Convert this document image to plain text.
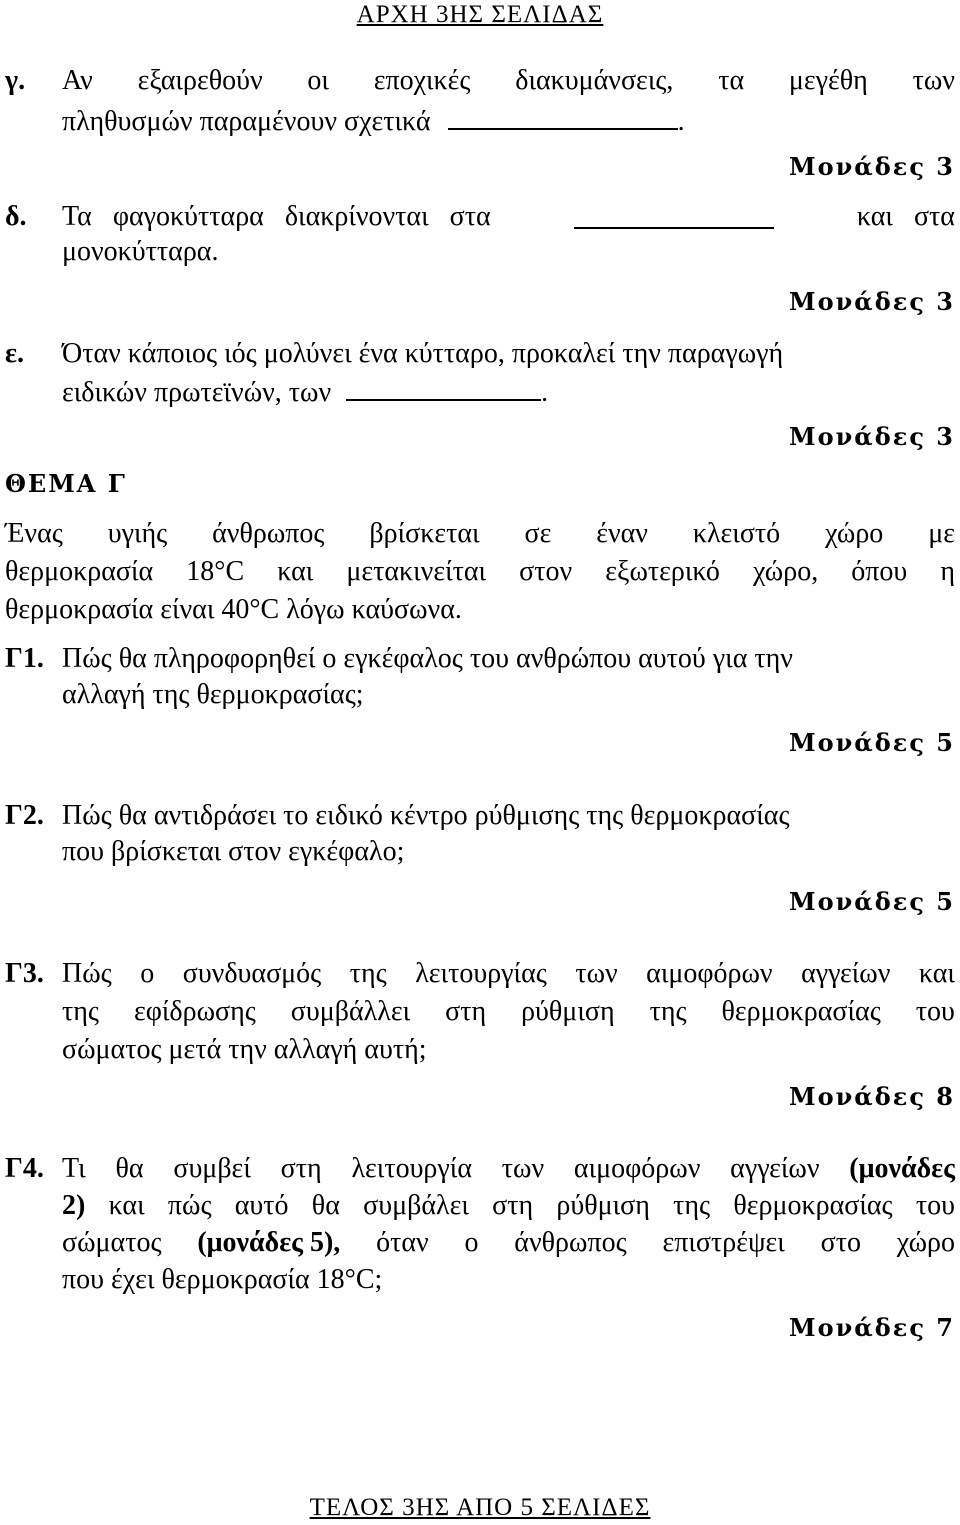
ΑΡΧΗ 3ΗΣ ΣΕΛΙΔΑΣ
γ. Αν εξαιρεθούν οι εποχικές διακυμάνσεις, τα μεγέθη των
πληθυσμών παραμένουν σχετικά	.
Μονάδες 3
δ. Τα φαγοκύτταρα διακρίνονται στα	και στα
μονοκύτταρα.
Μονάδες 3
ε. Όταν κάποιος ιός μολύνει ένα κύτταρο, προκαλεί την παραγωγή
ειδικών πρωτεϊνών, των	.
Μονάδες 3
ΘΕΜΑ Γ
Ένας υγιής άνθρωπος βρίσκεται σε έναν κλειστό χώρο με
θερμοκρασία 18°C και μετακινείται στον εξωτερικό χώρο, όπου η
θερμοκρασία είναι 40°C λόγω καύσωνα.
Γ1. Πώς θα πληροφορηθεί ο εγκέφαλος του ανθρώπου αυτού για την
αλλαγή της θερμοκρασίας;
Μονάδες 5
Γ2. Πώς θα αντιδράσει το ειδικό κέντρο ρύθμισης της θερμοκρασίας
που βρίσκεται στον εγκέφαλο;
Μονάδες 5
Γ3. Πώς ο συνδυασμός της λειτουργίας των αιμοφόρων αγγείων και
της εφίδρωσης συμβάλλει στη ρύθμιση της θερμοκρασίας του
σώματος μετά την αλλαγή αυτή;
Μονάδες 8
Γ4. Τι θα συμβεί στη λειτουργία των αιμοφόρων αγγείων (μονάδες
2) και πώς αυτό θα συμβάλει στη ρύθμιση της θερμοκρασίας του
σώματος (μονάδες 5), όταν ο άνθρωπος επιστρέψει στο χώρο
που έχει θερμοκρασία 18°C;
Μονάδες 7
ΤΕΛΟΣ 3ΗΣ ΑΠΟ 5 ΣΕΛΙΔΕΣ
